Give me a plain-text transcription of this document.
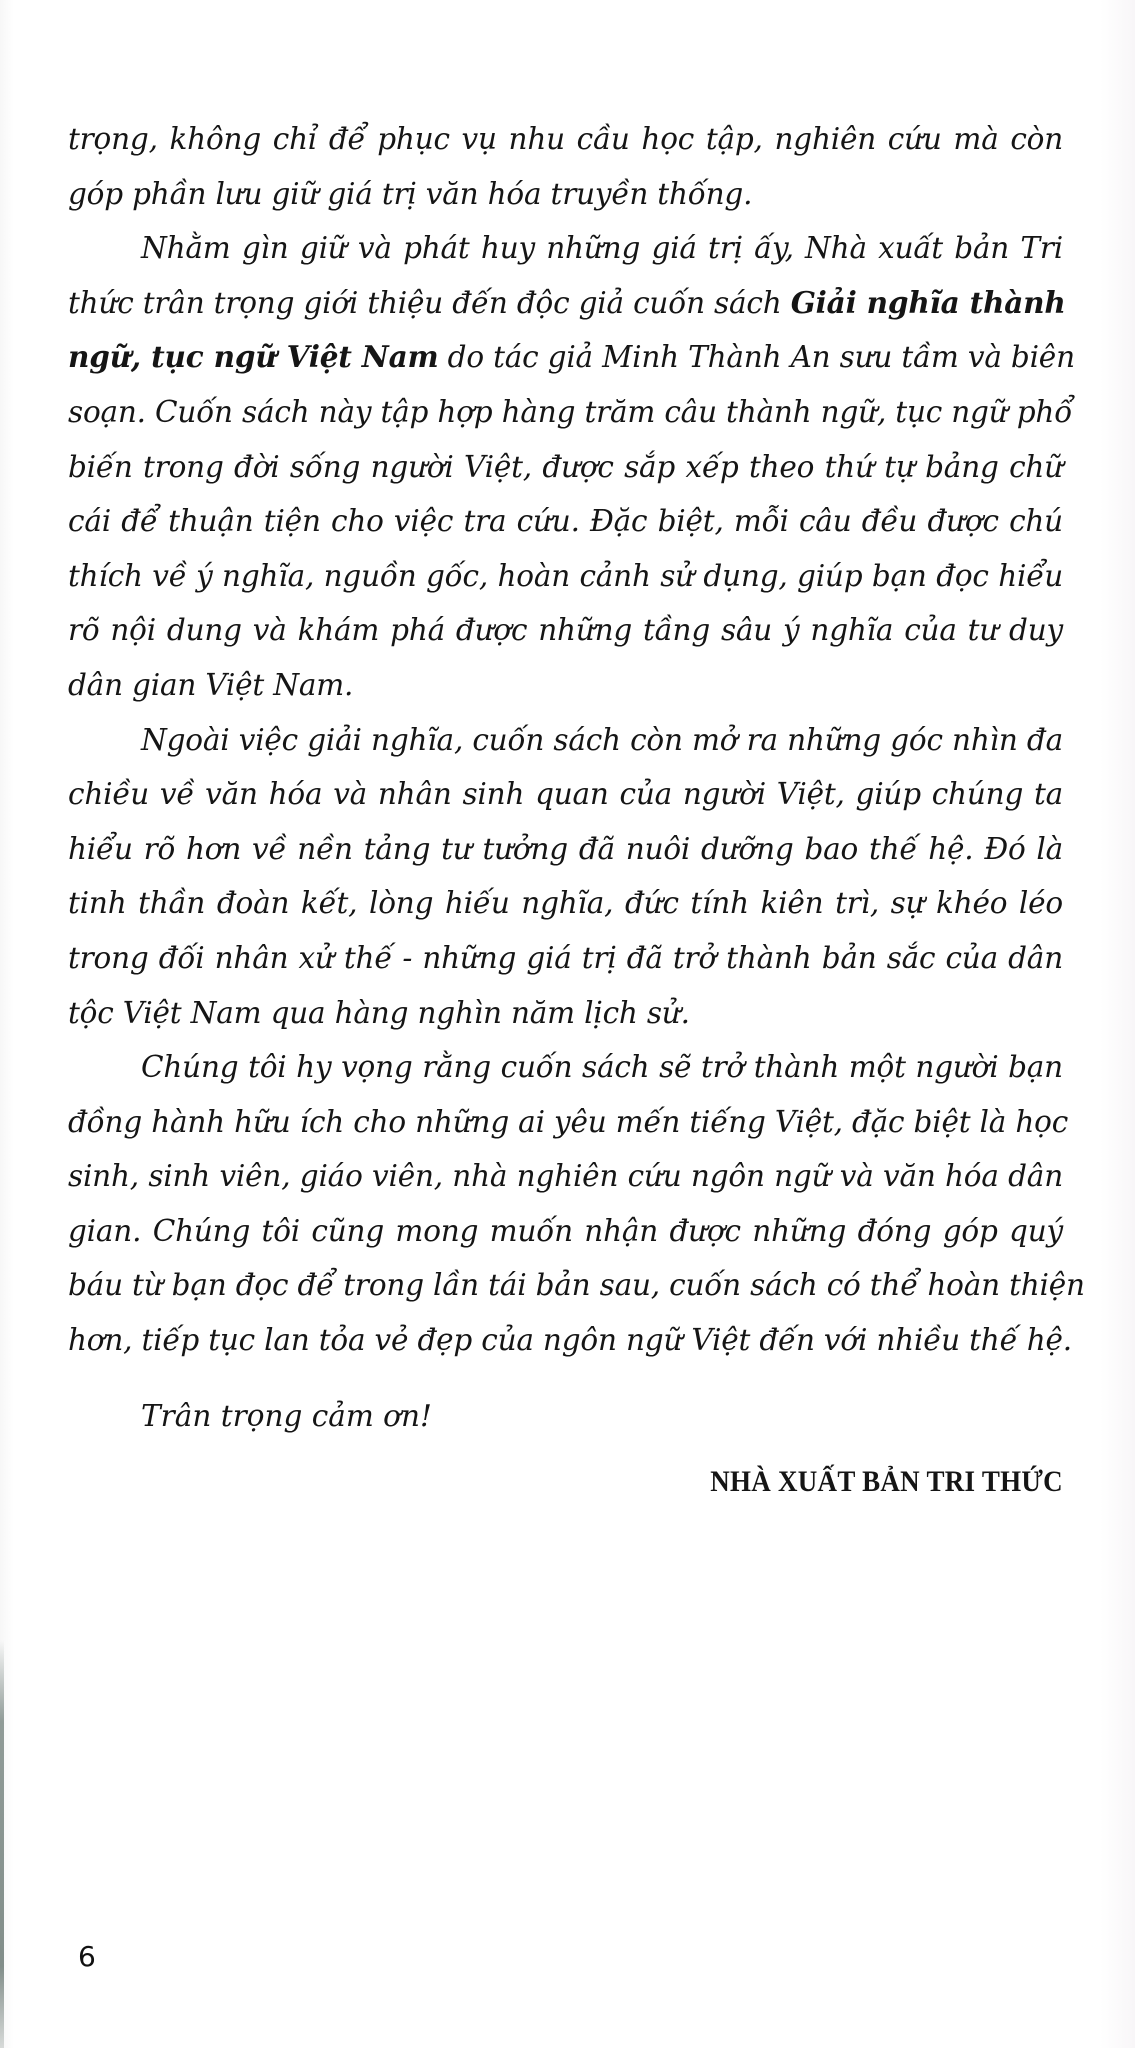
trọng, không chỉ để phục vụ nhu cầu học tập, nghiên cứu mà còn
góp phần lưu giữ giá trị văn hóa truyền thống.
Nhằm gìn giữ và phát huy những giá trị ấy, Nhà xuất bản Tri
thức trân trọng giới thiệu đến độc giả cuốn sách Giải nghĩa thành
ngữ, tục ngữ Việt Nam do tác giả Minh Thành An sưu tầm và biên
soạn. Cuốn sách này tập hợp hàng trăm câu thành ngữ, tục ngữ phổ
biến trong đời sống người Việt, được sắp xếp theo thứ tự bảng chữ
cái để thuận tiện cho việc tra cứu. Đặc biệt, mỗi câu đều được chú
thích về ý nghĩa, nguồn gốc, hoàn cảnh sử dụng, giúp bạn đọc hiểu
rõ nội dung và khám phá được những tầng sâu ý nghĩa của tư duy
dân gian Việt Nam.
Ngoài việc giải nghĩa, cuốn sách còn mở ra những góc nhìn đa
chiều về văn hóa và nhân sinh quan của người Việt, giúp chúng ta
hiểu rõ hơn về nền tảng tư tưởng đã nuôi dưỡng bao thế hệ. Đó là
tinh thần đoàn kết, lòng hiếu nghĩa, đức tính kiên trì, sự khéo léo
trong đối nhân xử thế - những giá trị đã trở thành bản sắc của dân
tộc Việt Nam qua hàng nghìn năm lịch sử.
Chúng tôi hy vọng rằng cuốn sách sẽ trở thành một người bạn
đồng hành hữu ích cho những ai yêu mến tiếng Việt, đặc biệt là học
sinh, sinh viên, giáo viên, nhà nghiên cứu ngôn ngữ và văn hóa dân
gian. Chúng tôi cũng mong muốn nhận được những đóng góp quý
báu từ bạn đọc để trong lần tái bản sau, cuốn sách có thể hoàn thiện
hơn, tiếp tục lan tỏa vẻ đẹp của ngôn ngữ Việt đến với nhiều thế hệ.
Trân trọng cảm ơn!
NHÀ XUẤT BẢN TRI THỨC
6
